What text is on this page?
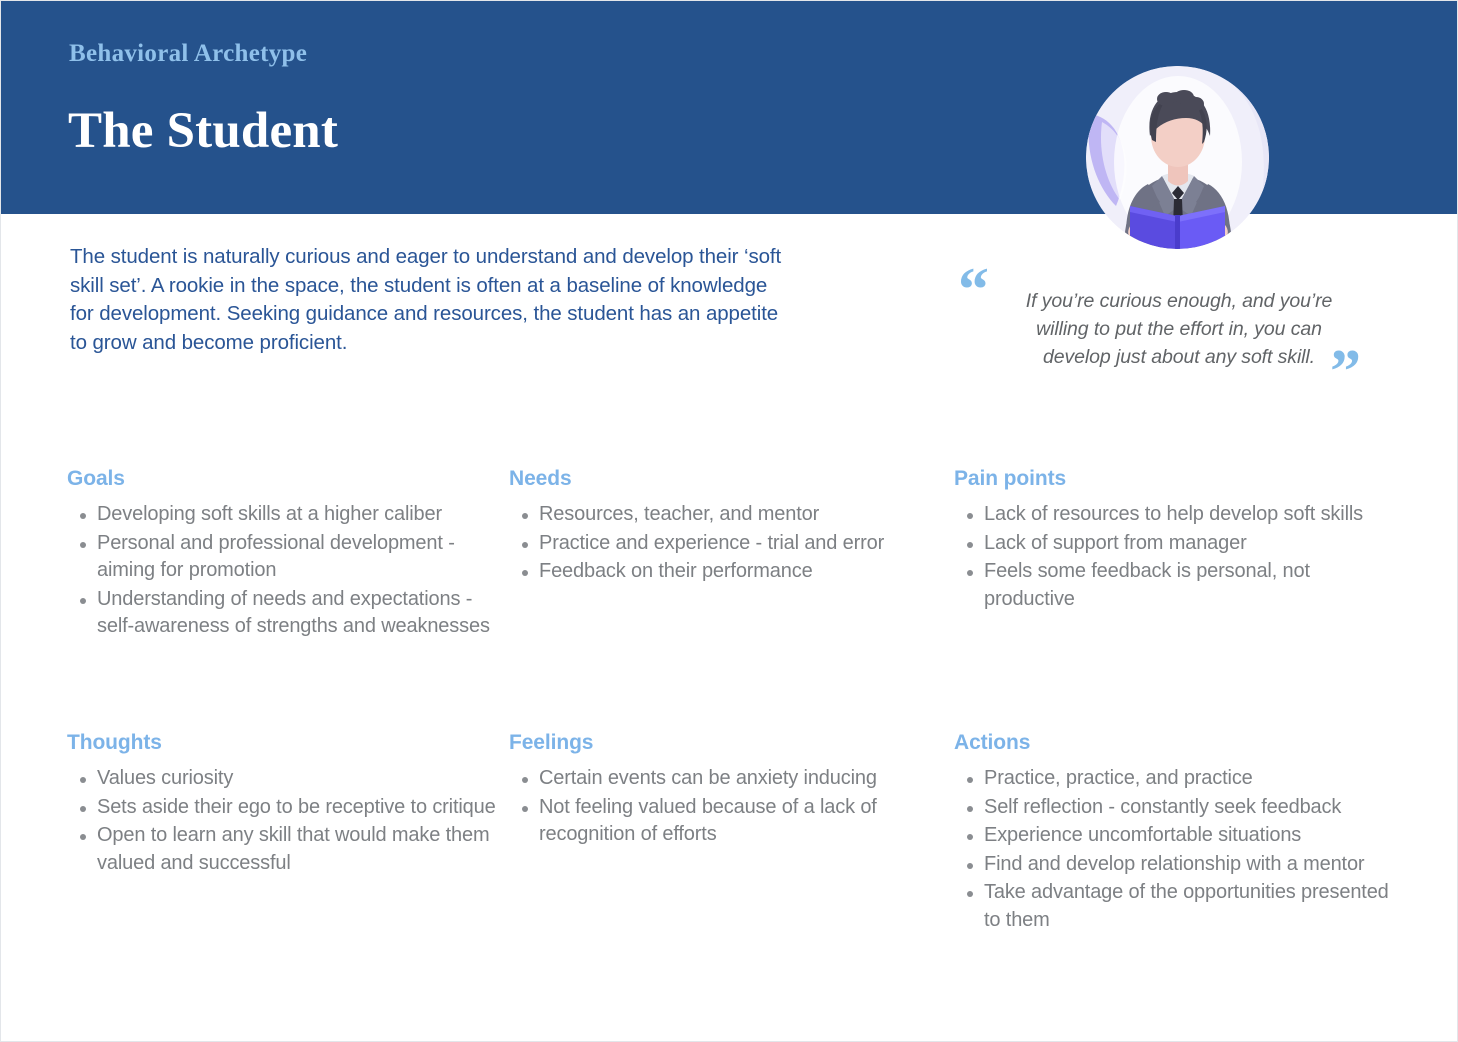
Behavioral Archetype
The Student
The student is naturally curious and eager to understand and develop their ‘soft skill set’. A rookie in the space, the student is often at a baseline of knowledge for development. Seeking guidance and resources, the student has an appetite to grow and become proficient.
“	If you’re curious enough, and you’re willing to put the effort in, you can develop just about any soft skill. ”
Goals
Developing soft skills at a higher caliber
Personal and professional development - aiming for promotion
Understanding of needs and expectations - self-awareness of strengths and weaknesses
Needs
Resources, teacher, and mentor
Practice and experience - trial and error
Feedback on their performance
Pain points
Lack of resources to help develop soft skills
Lack of support from manager
Feels some feedback is personal, not productive
Thoughts
Values curiosity
Sets aside their ego to be receptive to critique
Open to learn any skill that would make them valued and successful
Feelings
Certain events can be anxiety inducing
Not feeling valued because of a lack of recognition of efforts
Actions
Practice, practice, and practice
Self reflection - constantly seek feedback
Experience uncomfortable situations
Find and develop relationship with a mentor
Take advantage of the opportunities presented to them
